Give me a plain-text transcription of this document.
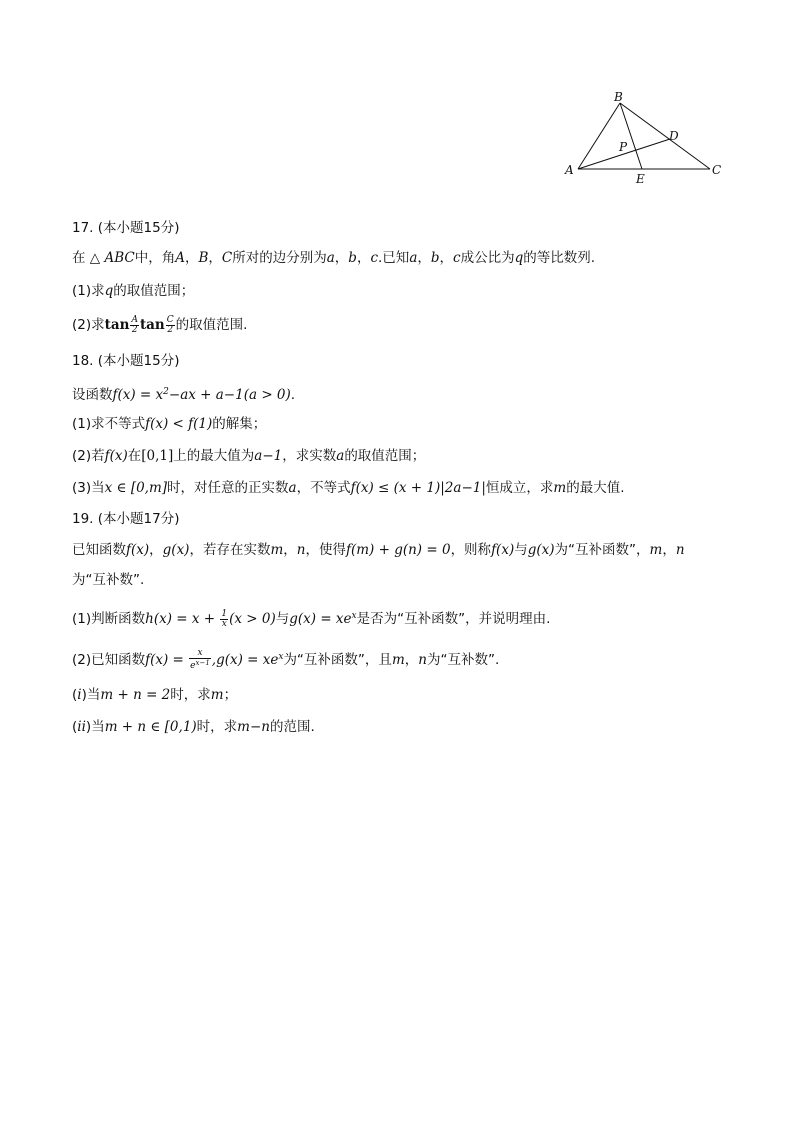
B
A	C
D
P
E
17. (本小题15分)
在 △ ABC中，角A，B，C所对的边分别为a，b，c.已知a，b，c成公比为q的等比数列.
(1)求q的取值范围；
(2)求$\tan \frac{A}{2}$ $\tan \frac{C}{2}$ 的取值范围.
18. (本小题15分)
设函数$f(x) = x^2-ax + a-1(a > 0)$.
(1)求不等式f(x) < f(1)的解集；
(2)若f(x)在[0,1]上的最大值为a−1，求实数a的取值范围；
(3)当x ∈ [0,m]时，对任意的正实数a，不等式f(x) ≤ (x + 1)|2a−1|恒成立，求m的最大值.
19. (本小题17分)
已知函数f(x)，g(x)，若存在实数m，n，使得f(m) + g(n) = 0，则称f(x)与g(x)为“互补函数”，m，n
为“互补数”.
(1)判断函数$h(x) = x + \frac{1}{x} (x > 0)$与$g(x) = xe^x$是否为“互补函数”，并说明理由.
(2)已知函数$f(x) = \frac{x}{e^{x-1}} ,g(x) = xe^x$为“互补函数”，且m，n为“互补数”.
(i)当m + n = 2时，求m；
(ii)当m + n ∈ [0,1)时，求m−n的范围.
